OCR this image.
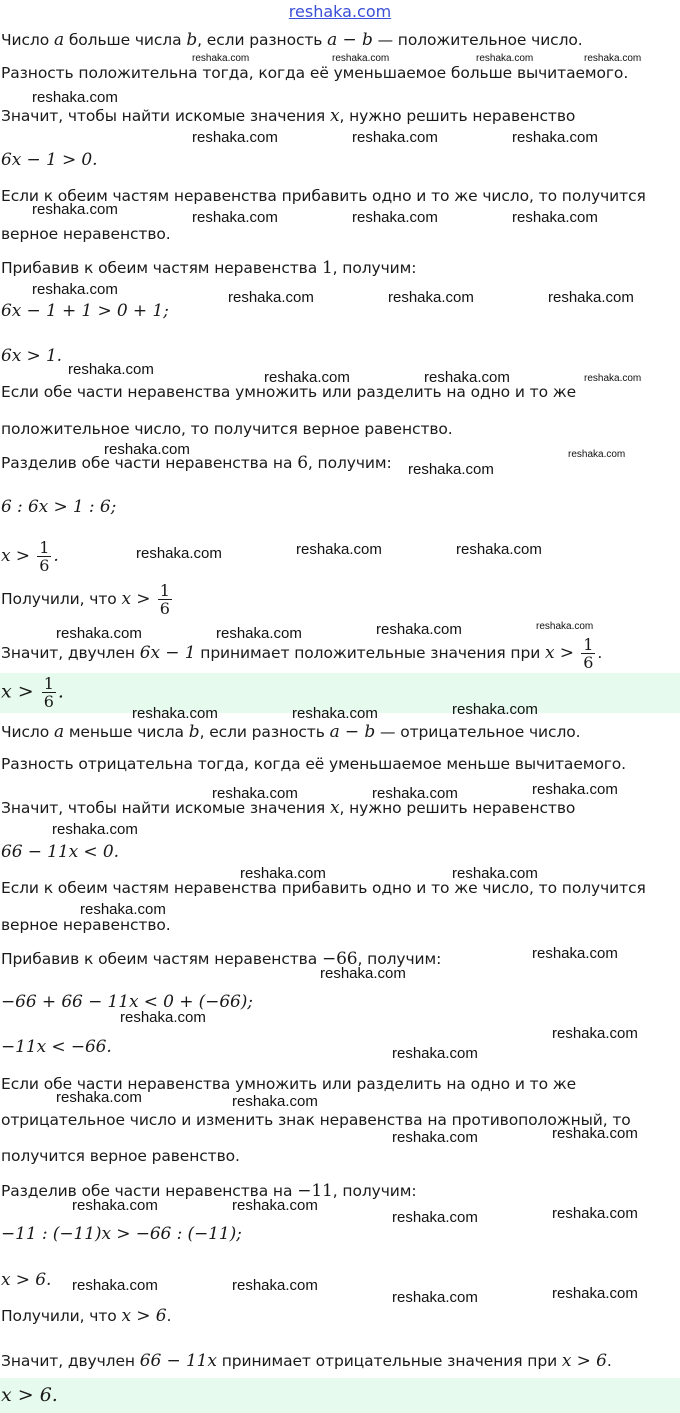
reshaka.com
Число a больше числа b, если разность a − b — положительное число.
Разность положительна тогда, когда её уменьшаемое больше вычитаемого.
Значит, чтобы найти искомые значения x, нужно решить неравенство
6x − 1 > 0.
Если к обеим частям неравенства прибавить одно и то же число, то получится
верное неравенство.
Прибавив к обеим частям неравенства 1, получим:
6x − 1 + 1 > 0 + 1;
6x > 1.
Если обе части неравенства умножить или разделить на одно и то же
положительное число, то получится верное равенство.
Разделив обе части неравенства на 6, получим:
6 : 6x > 1 : 6;
$x > \frac{1}{6}$ .
Получили, что $x > \frac{1}{6}$
Значит, двучлен 6x − 1 принимает положительные значения при $x > \frac{1}{6}$ .
$x > \frac{1}{6}$ .
Число a меньше числа b, если разность a − b — отрицательное число.
Разность отрицательна тогда, когда её уменьшаемое меньше вычитаемого.
Значит, чтобы найти искомые значения x, нужно решить неравенство
66 − 11x < 0.
Если к обеим частям неравенства прибавить одно и то же число, то получится
верное неравенство.
Прибавив к обеим частям неравенства −66, получим:
−66 + 66 − 11x < 0 + (−66);
−11x < −66.
Если обе части неравенства умножить или разделить на одно и то же
отрицательное число и изменить знак неравенства на противоположный, то
получится верное равенство.
Разделив обе части неравенства на −11, получим:
−11 : (−11)x > −66 : (−11);
x > 6.
Получили, что x > 6.
Значит, двучлен 66 − 11x принимает отрицательные значения при x > 6.
x > 6.
reshaka.com	reshaka.com	reshaka.com	reshaka.com
reshaka.com
reshaka.com	reshaka.com	reshaka.com
reshaka.com	reshaka.com	reshaka.com	reshaka.com
reshaka.com	reshaka.com	reshaka.com	reshaka.com
reshaka.com	reshaka.com	reshaka.com	reshaka.com
reshaka.com
reshaka.com
reshaka.com
reshaka.com	reshaka.com	reshaka.com
reshaka.com	reshaka.com	reshaka.com	reshaka.com
reshaka.com	reshaka.com	reshaka.com
reshaka.com	reshaka.com	reshaka.com
reshaka.com
reshaka.com	reshaka.com
reshaka.com
reshaka.com
reshaka.com
reshaka.com
reshaka.com
reshaka.com
reshaka.com	reshaka.com
reshaka.com	reshaka.com
reshaka.com	reshaka.com
reshaka.com	reshaka.com
reshaka.com	reshaka.com
reshaka.com	reshaka.com
